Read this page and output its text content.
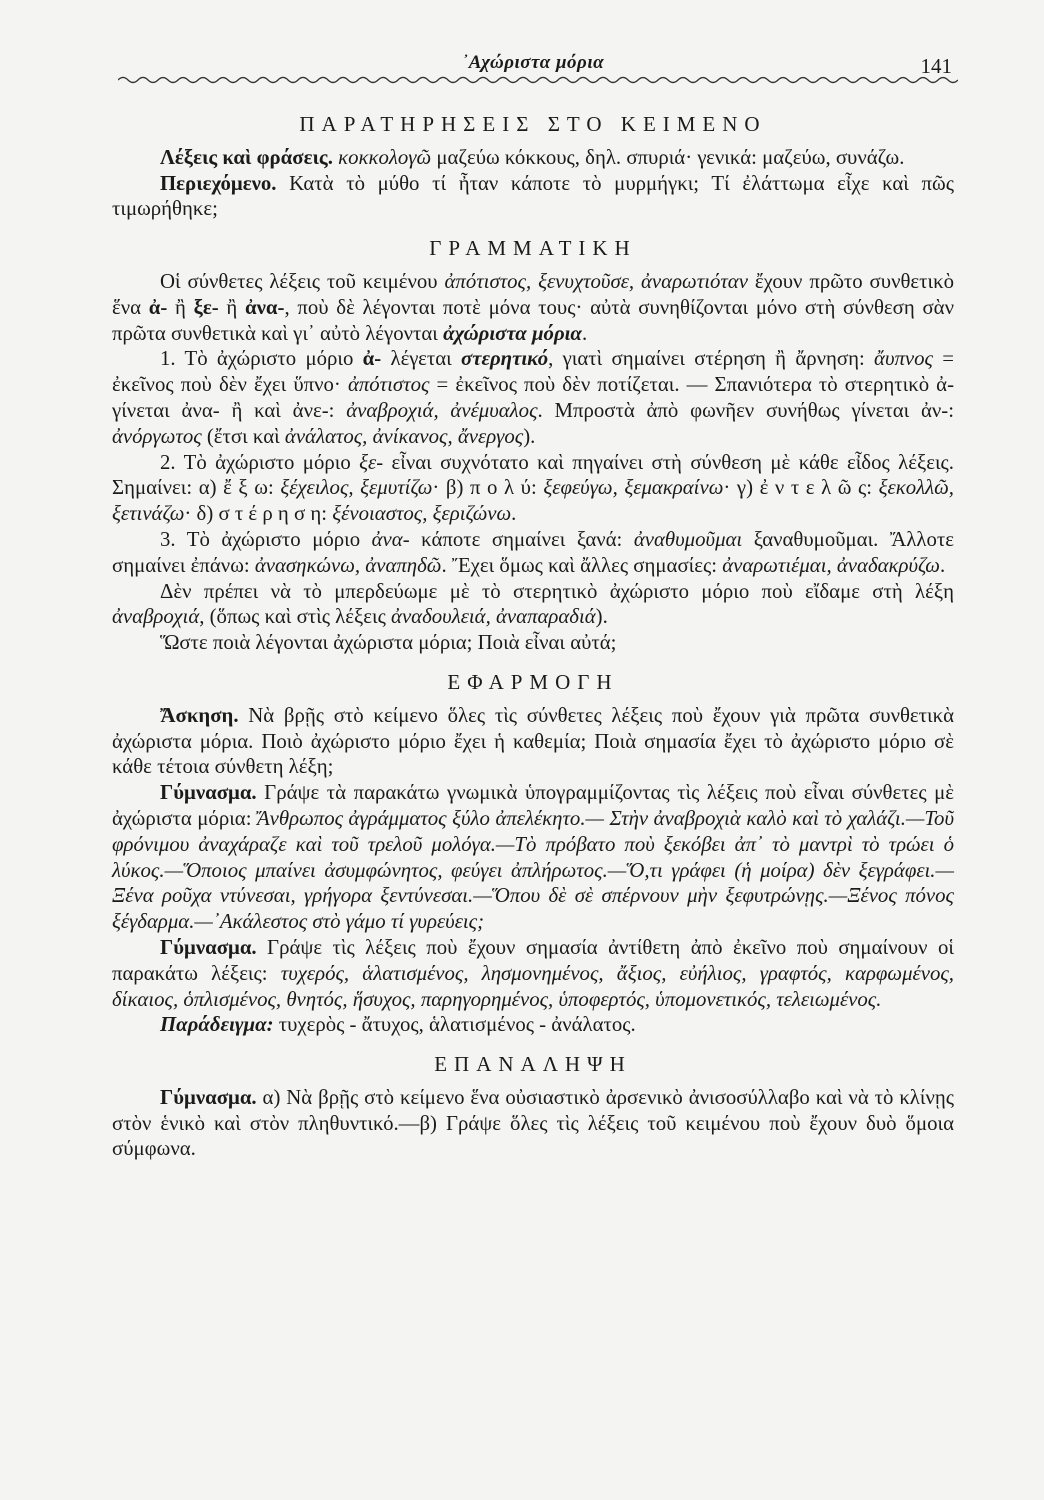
᾿Αχώριστα μόρια	141
ΠΑΡΑΤΗΡΗΣΕΙΣ ΣΤΟ ΚΕΙΜΕΝΟ

Λέξεις καὶ φράσεις. κοκκολογῶ μαζεύω κόκκους, δηλ. σπυριά· γενικά: μαζεύω, συνάζω.

Περιεχόμενο. Κατὰ τὸ μύθο τί ἦταν κάποτε τὸ μυρμήγκι; Τί ἐλάττωμα εἶχε καὶ πῶς τιμωρήθηκε;

ΓΡΑΜΜΑΤΙΚΗ

Οἱ σύνθετες λέξεις τοῦ κειμένου ἀπότιστος, ξενυχτοῦσε, ἀναρωτιόταν ἔχουν πρῶτο συνθετικὸ ἕνα ἀ- ἢ ξε- ἢ ἀνα-, ποὺ δὲ λέγονται ποτὲ μόνα τους· αὐτὰ συνηθίζονται μόνο στὴ σύνθεση σὰν πρῶτα συνθετικὰ καὶ γι᾿ αὐτὸ λέγονται ἀχώριστα μόρια.

1. Τὸ ἀχώριστο μόριο ἀ- λέγεται στερητικό, γιατὶ σημαίνει στέρηση ἢ ἄρνηση: ἄυπνος = ἐκεῖνος ποὺ δὲν ἔχει ὕπνο· ἀπότιστος = ἐκεῖνος ποὺ δὲν ποτίζεται. — Σπανιότερα τὸ στερητικὸ ἀ- γίνεται ἀνα- ἢ καὶ ἀνε-: ἀναβροχιά, ἀνέμυαλος. Μπροστὰ ἀπὸ φωνῆεν συνήθως γίνεται ἀν-: ἀνόργωτος (ἔτσι καὶ ἀνάλατος, ἀνίκανος, ἄνεργος).

2. Τὸ ἀχώριστο μόριο ξε- εἶναι συχνότατο καὶ πηγαίνει στὴ σύνθεση μὲ κάθε εἶδος λέξεις. Σημαίνει: α) ἔ ξ ω: ξέχειλος, ξεμυτίζω· β) π ο λ ύ: ξεφεύγω, ξεμακραίνω· γ) ἐ ν τ ε λ ῶ ς: ξεκολλῶ, ξετινάζω· δ) σ τ έ ρ η σ η: ξένοιαστος, ξεριζώνω.

3. Τὸ ἀχώριστο μόριο ἀνα- κάποτε σημαίνει ξανά: ἀναθυμοῦμαι ξαναθυμοῦμαι. Ἄλλοτε σημαίνει ἐπάνω: ἀνασηκώνω, ἀναπηδῶ. Ἔχει ὅμως καὶ ἄλλες σημασίες: ἀναρωτιέμαι, ἀναδακρύζω.

Δὲν πρέπει νὰ τὸ μπερδεύωμε μὲ τὸ στερητικὸ ἀχώριστο μόριο ποὺ εἴδαμε στὴ λέξη ἀναβροχιά, (ὅπως καὶ στὶς λέξεις ἀναδουλειά, ἀναπαραδιά).

Ὥστε ποιὰ λέγονται ἀχώριστα μόρια; Ποιὰ εἶναι αὐτά;

ΕΦΑΡΜΟΓΗ

Ἄσκηση. Νὰ βρῇς στὸ κείμενο ὅλες τὶς σύνθετες λέξεις ποὺ ἔχουν γιὰ πρῶτα συνθετικὰ ἀχώριστα μόρια. Ποιὸ ἀχώριστο μόριο ἔχει ἡ καθεμία; Ποιὰ σημασία ἔχει τὸ ἀχώριστο μόριο σὲ κάθε τέτοια σύνθετη λέξη;

Γύμνασμα. Γράψε τὰ παρακάτω γνωμικὰ ὑπογραμμίζοντας τὶς λέξεις ποὺ εἶναι σύνθετες μὲ ἀχώριστα μόρια: Ἄνθρωπος ἀγράμματος ξύλο ἀπελέκητο.— Στὴν ἀναβροχιὰ καλὸ καὶ τὸ χαλάζι.—Τοῦ φρόνιμου ἀναχάραζε καὶ τοῦ τρελοῦ μολόγα.—Τὸ πρόβατο ποὺ ξεκόβει ἀπ᾿ τὸ μαντρὶ τὸ τρώει ὁ λύκος.—Ὅποιος μπαίνει ἀσυμφώνητος, φεύγει ἀπλήρωτος.—Ὅ,τι γράφει (ἡ μοίρα) δὲν ξεγράφει.—Ξένα ροῦχα ντύνεσαι, γρήγορα ξεντύνεσαι.—Ὅπου δὲ σὲ σπέρνουν μὴν ξεφυτρώνῃς.—Ξένος πόνος ξέγδαρμα.—᾿Ακάλεστος στὸ γάμο τί γυρεύεις;

Γύμνασμα. Γράψε τὶς λέξεις ποὺ ἔχουν σημασία ἀντίθετη ἀπὸ ἐκεῖνο ποὺ σημαίνουν οἱ παρακάτω λέξεις: τυχερός, ἁλατισμένος, λησμονημένος, ἄξιος, εὐήλιος, γραφτός, καρφωμένος, δίκαιος, ὁπλισμένος, θνητός, ἥσυχος, παρηγορημένος, ὑποφερτός, ὑπομονετικός, τελειωμένος.

Παράδειγμα: τυχερὸς - ἄτυχος, ἁλατισμένος - ἀνάλατος.

ΕΠΑΝΑΛΗΨΗ

Γύμνασμα. α) Νὰ βρῇς στὸ κείμενο ἕνα οὐσιαστικὸ ἀρσενικὸ ἀνισοσύλλαβο καὶ νὰ τὸ κλίνῃς στὸν ἑνικὸ καὶ στὸν πληθυντικό.—β) Γράψε ὅλες τὶς λέξεις τοῦ κειμένου ποὺ ἔχουν δυὸ ὅμοια σύμφωνα.
